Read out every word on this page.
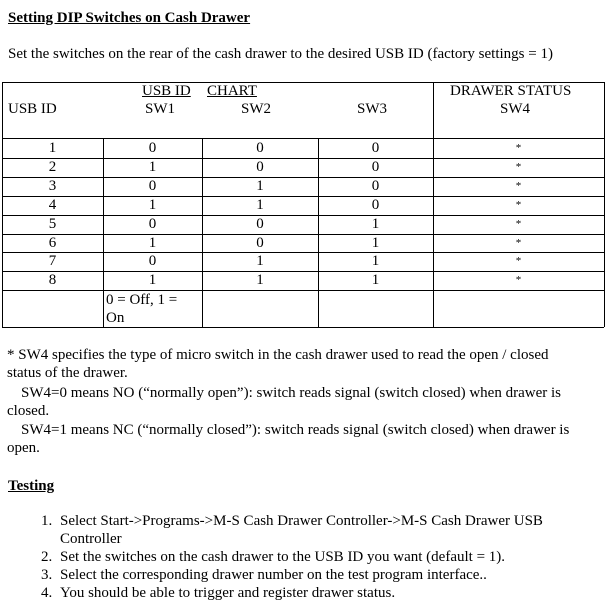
Setting DIP Switches on Cash Drawer
Set the switches on the rear of the cash drawer to the desired USB ID (factory settings = 1)
USB ID CHART	DRAWER STATUS
USB ID	SW1	SW2	SW3	SW4
1	0	0	0	*
2	1	0	0	*
3	0	1	0	*
4	1	1	0	*
5	0	0	1	*
6	1	0	1	*
7	0	1	1	*
8	1	1	1	*
0 = Off, 1 =
On
* SW4 specifies the type of micro switch in the cash drawer used to read the open / closed
status of the drawer.
SW4=0 means NO (“normally open”): switch reads signal (switch closed) when drawer is
closed.
SW4=1 means NC (“normally closed”): switch reads signal (switch closed) when drawer is
open.
Testing
1. Select Start->Programs->M-S Cash Drawer Controller->M-S Cash Drawer USB
Controller
2. Set the switches on the cash drawer to the USB ID you want (default = 1).
3. Select the corresponding drawer number on the test program interface..
4. You should be able to trigger and register drawer status.
